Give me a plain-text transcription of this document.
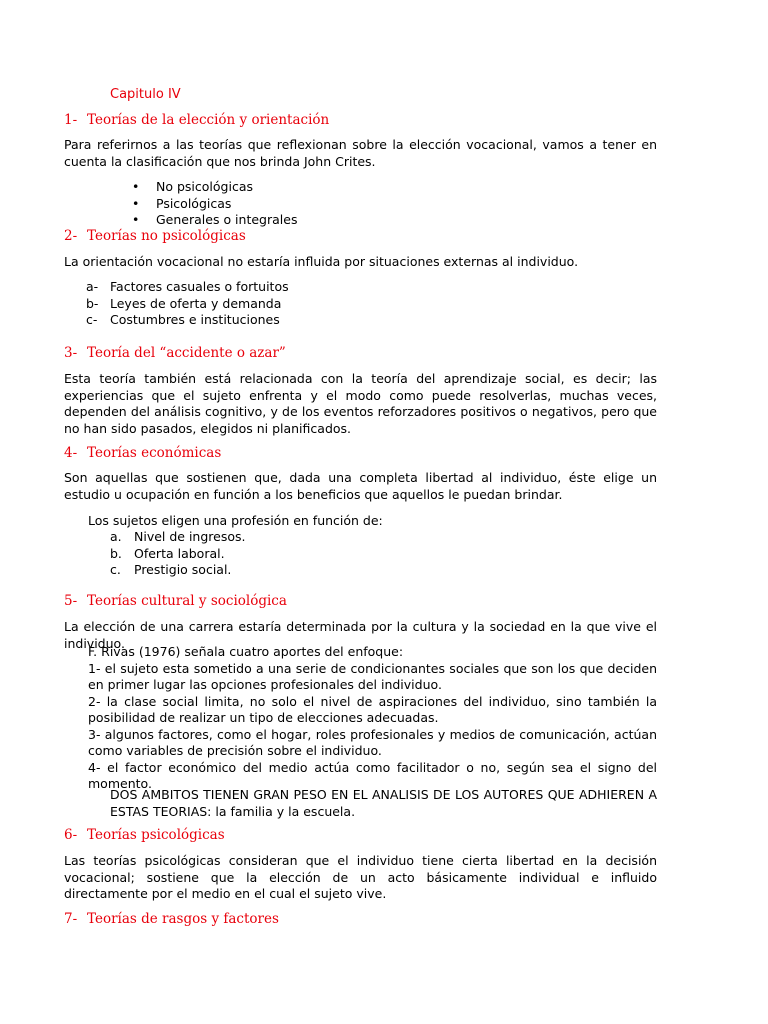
Capitulo IV
1- Teorías de la elección y orientación
Para referirnos a las teorías que reflexionan sobre la elección vocacional, vamos a tener en cuenta la clasificación que nos brinda John Crites.
• No psicológicas
• Psicológicas
• Generales o integrales
2- Teorías no psicológicas
La orientación vocacional no estaría influida por situaciones externas al individuo.
a- Factores casuales o fortuitos
b- Leyes de oferta y demanda
c- Costumbres e instituciones
3- Teoría del “accidente o azar”
Esta teoría también está relacionada con la teoría del aprendizaje social, es decir; las experiencias que el sujeto enfrenta y el modo como puede resolverlas, muchas veces, dependen del análisis cognitivo, y de los eventos reforzadores positivos o negativos, pero que no han sido pasados, elegidos ni planificados.
4- Teorías económicas
Son aquellas que sostienen que, dada una completa libertad al individuo, éste elige un estudio u ocupación en función a los beneficios que aquellos le puedan brindar.
Los sujetos eligen una profesión en función de:
a. Nivel de ingresos.
b. Oferta laboral.
c. Prestigio social.
5- Teorías cultural y sociológica
La elección de una carrera estaría determinada por la cultura y la sociedad en la que vive el individuo.
F. Rivas (1976) señala cuatro aportes del enfoque:
1- el sujeto esta sometido a una serie de condicionantes sociales que son los que deciden en primer lugar las opciones profesionales del individuo.
2- la clase social limita, no solo el nivel de aspiraciones del individuo, sino también la posibilidad de realizar un tipo de elecciones adecuadas.
3- algunos factores, como el hogar, roles profesionales y medios de comunicación, actúan como variables de precisión sobre el individuo.
4- el factor económico del medio actúa como facilitador o no, según sea el signo del momento.
DOS AMBITOS TIENEN GRAN PESO EN EL ANALISIS DE LOS AUTORES QUE ADHIEREN A ESTAS TEORIAS: la familia y la escuela.
6- Teorías psicológicas
Las teorías psicológicas consideran que el individuo tiene cierta libertad en la decisión vocacional; sostiene que la elección de un acto básicamente individual e influido directamente por el medio en el cual el sujeto vive.
7- Teorías de rasgos y factores
